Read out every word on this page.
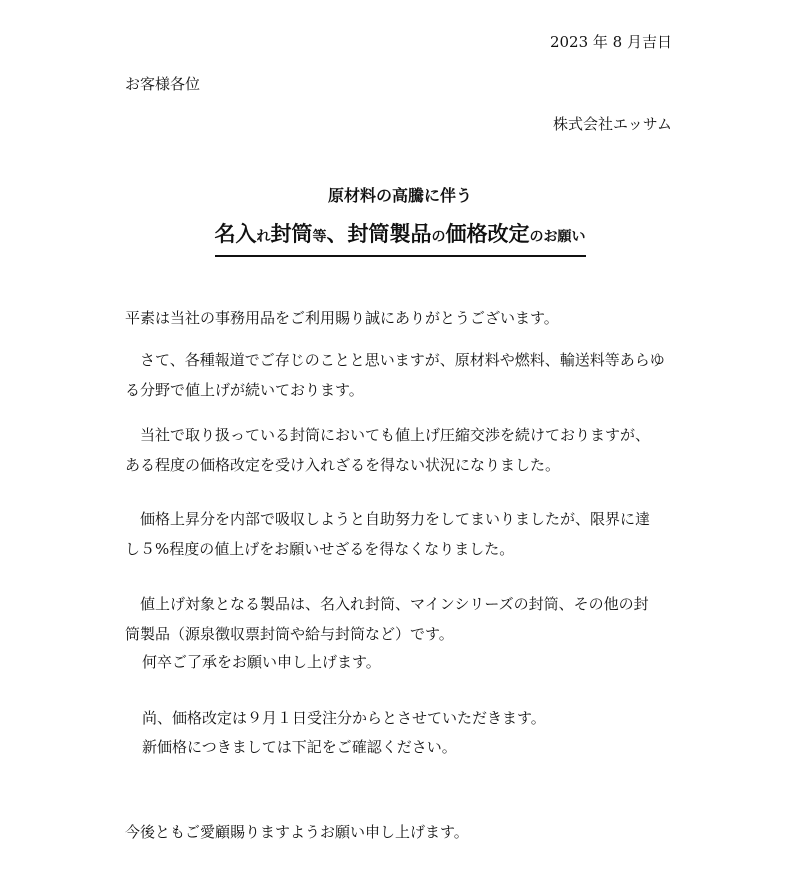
2023 年 8 月吉日
お客様各位
株式会社エッサム
原材料の高騰に伴う
名入れ封筒等、封筒製品の価格改定のお願い
平素は当社の事務用品をご利用賜り誠にありがとうございます。
　さて、各種報道でご存じのことと思いますが、原材料や燃料、輸送料等あらゆ
る分野で値上げが続いております。
　当社で取り扱っている封筒においても値上げ圧縮交渉を続けておりますが、
ある程度の価格改定を受け入れざるを得ない状況になりました。
　価格上昇分を内部で吸収しようと自助努力をしてまいりましたが、限界に達
し５%程度の値上げをお願いせざるを得なくなりました。
　値上げ対象となる製品は、名入れ封筒、マインシリーズの封筒、その他の封
筒製品（源泉徴収票封筒や給与封筒など）です。
何卒ご了承をお願い申し上げます。
尚、価格改定は９月１日受注分からとさせていただきます。
新価格につきましては下記をご確認ください。
今後ともご愛顧賜りますようお願い申し上げます。
